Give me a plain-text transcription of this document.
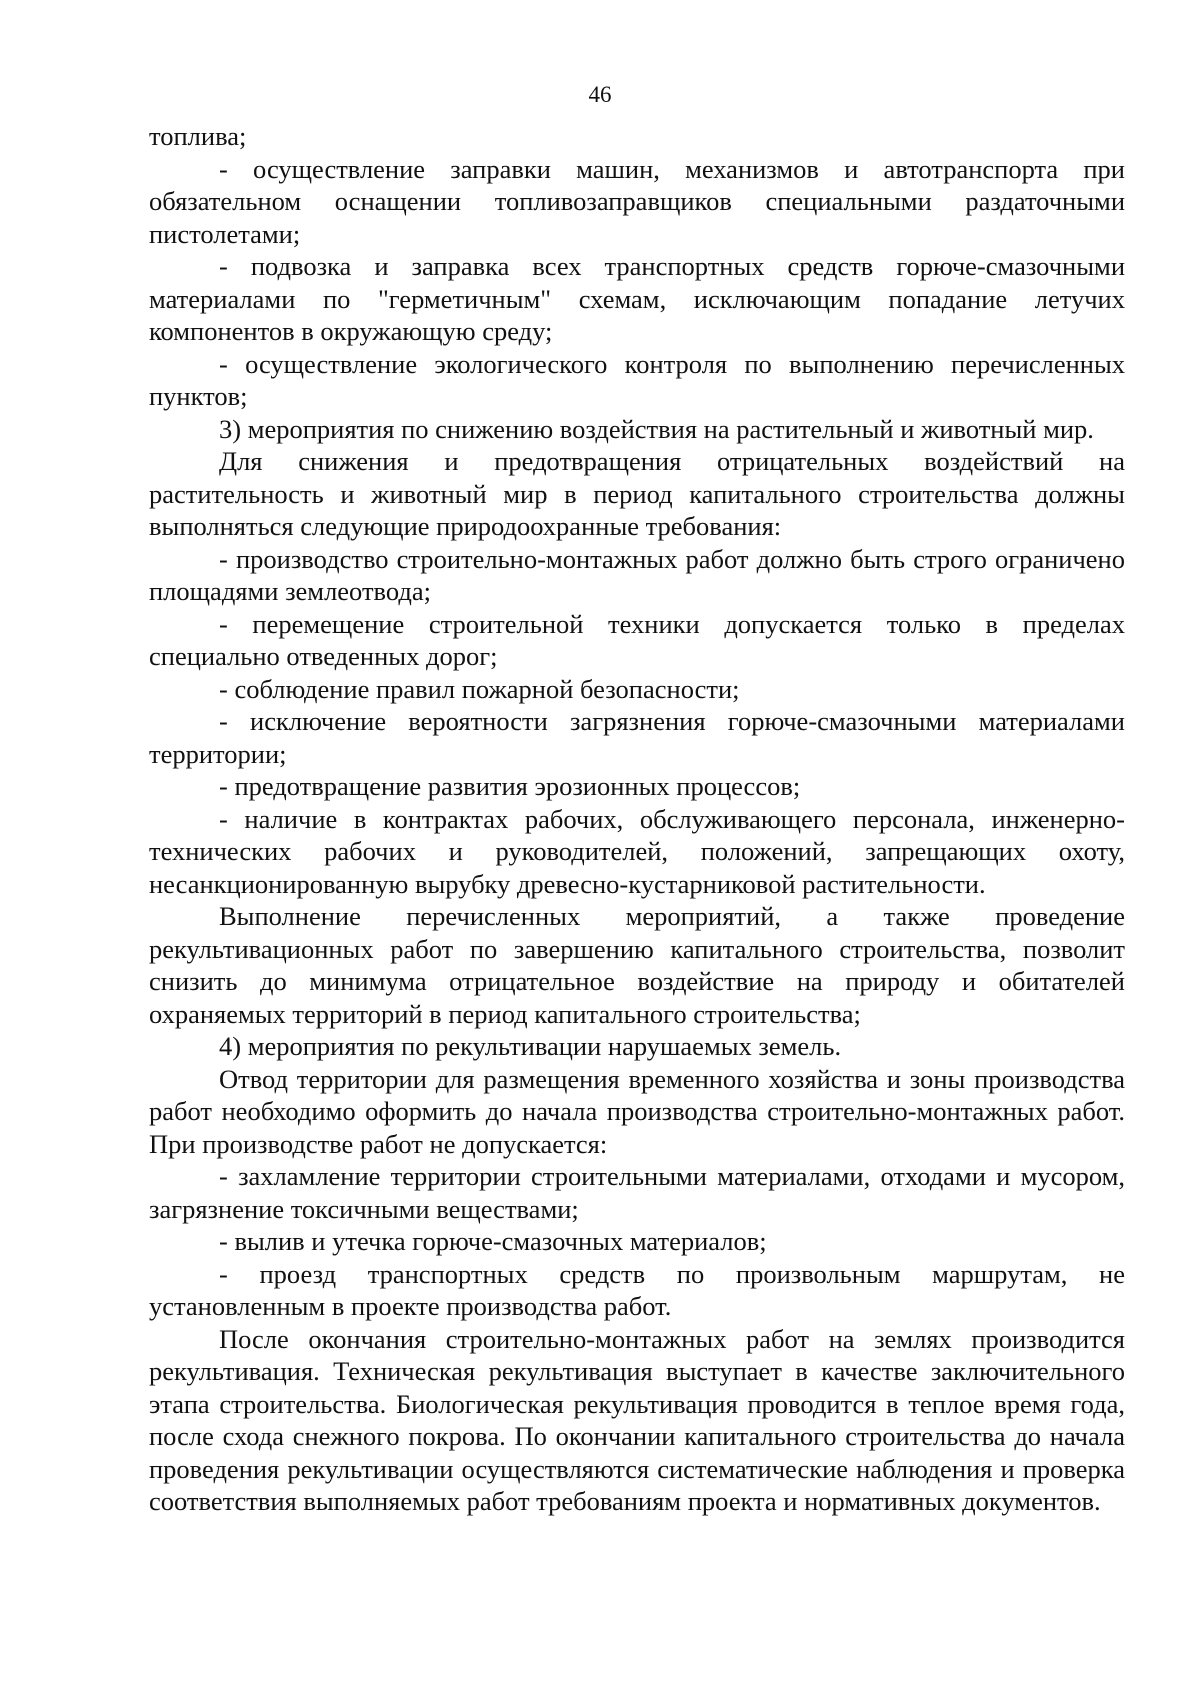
46

топлива;

- осуществление заправки машин, механизмов и автотранспорта при обязательном оснащении топливозаправщиков специальными раздаточными пистолетами;

- подвозка и заправка всех транспортных средств горюче-смазочными материалами по "герметичным" схемам, исключающим попадание летучих компонентов в окружающую среду;

- осуществление экологического контроля по выполнению перечисленных пунктов;

3) мероприятия по снижению воздействия на растительный и животный мир.

Для снижения и предотвращения отрицательных воздействий на растительность и животный мир в период капитального строительства должны выполняться следующие природоохранные требования:

- производство строительно-монтажных работ должно быть строго ограничено площадями землеотвода;

- перемещение строительной техники допускается только в пределах специально отведенных дорог;

- соблюдение правил пожарной безопасности;

- исключение вероятности загрязнения горюче-смазочными материалами территории;

- предотвращение развития эрозионных процессов;

- наличие в контрактах рабочих, обслуживающего персонала, инженерно-технических рабочих и руководителей, положений, запрещающих охоту, несанкционированную вырубку древесно-кустарниковой растительности.

Выполнение перечисленных мероприятий, а также проведение рекультивационных работ по завершению капитального строительства, позволит снизить до минимума отрицательное воздействие на природу и обитателей охраняемых территорий в период капитального строительства;

4) мероприятия по рекультивации нарушаемых земель.

Отвод территории для размещения временного хозяйства и зоны производства работ необходимо оформить до начала производства строительно-монтажных работ. При производстве работ не допускается:

- захламление территории строительными материалами, отходами и мусором, загрязнение токсичными веществами;

- вылив и утечка горюче-смазочных материалов;

- проезд транспортных средств по произвольным маршрутам, не установленным в проекте производства работ.

После окончания строительно-монтажных работ на землях производится рекультивация. Техническая рекультивация выступает в качестве заключительного этапа строительства. Биологическая рекультивация проводится в теплое время года, после схода снежного покрова. По окончании капитального строительства до начала проведения рекультивации осуществляются систематические наблюдения и проверка соответствия выполняемых работ требованиям проекта и нормативных документов.
